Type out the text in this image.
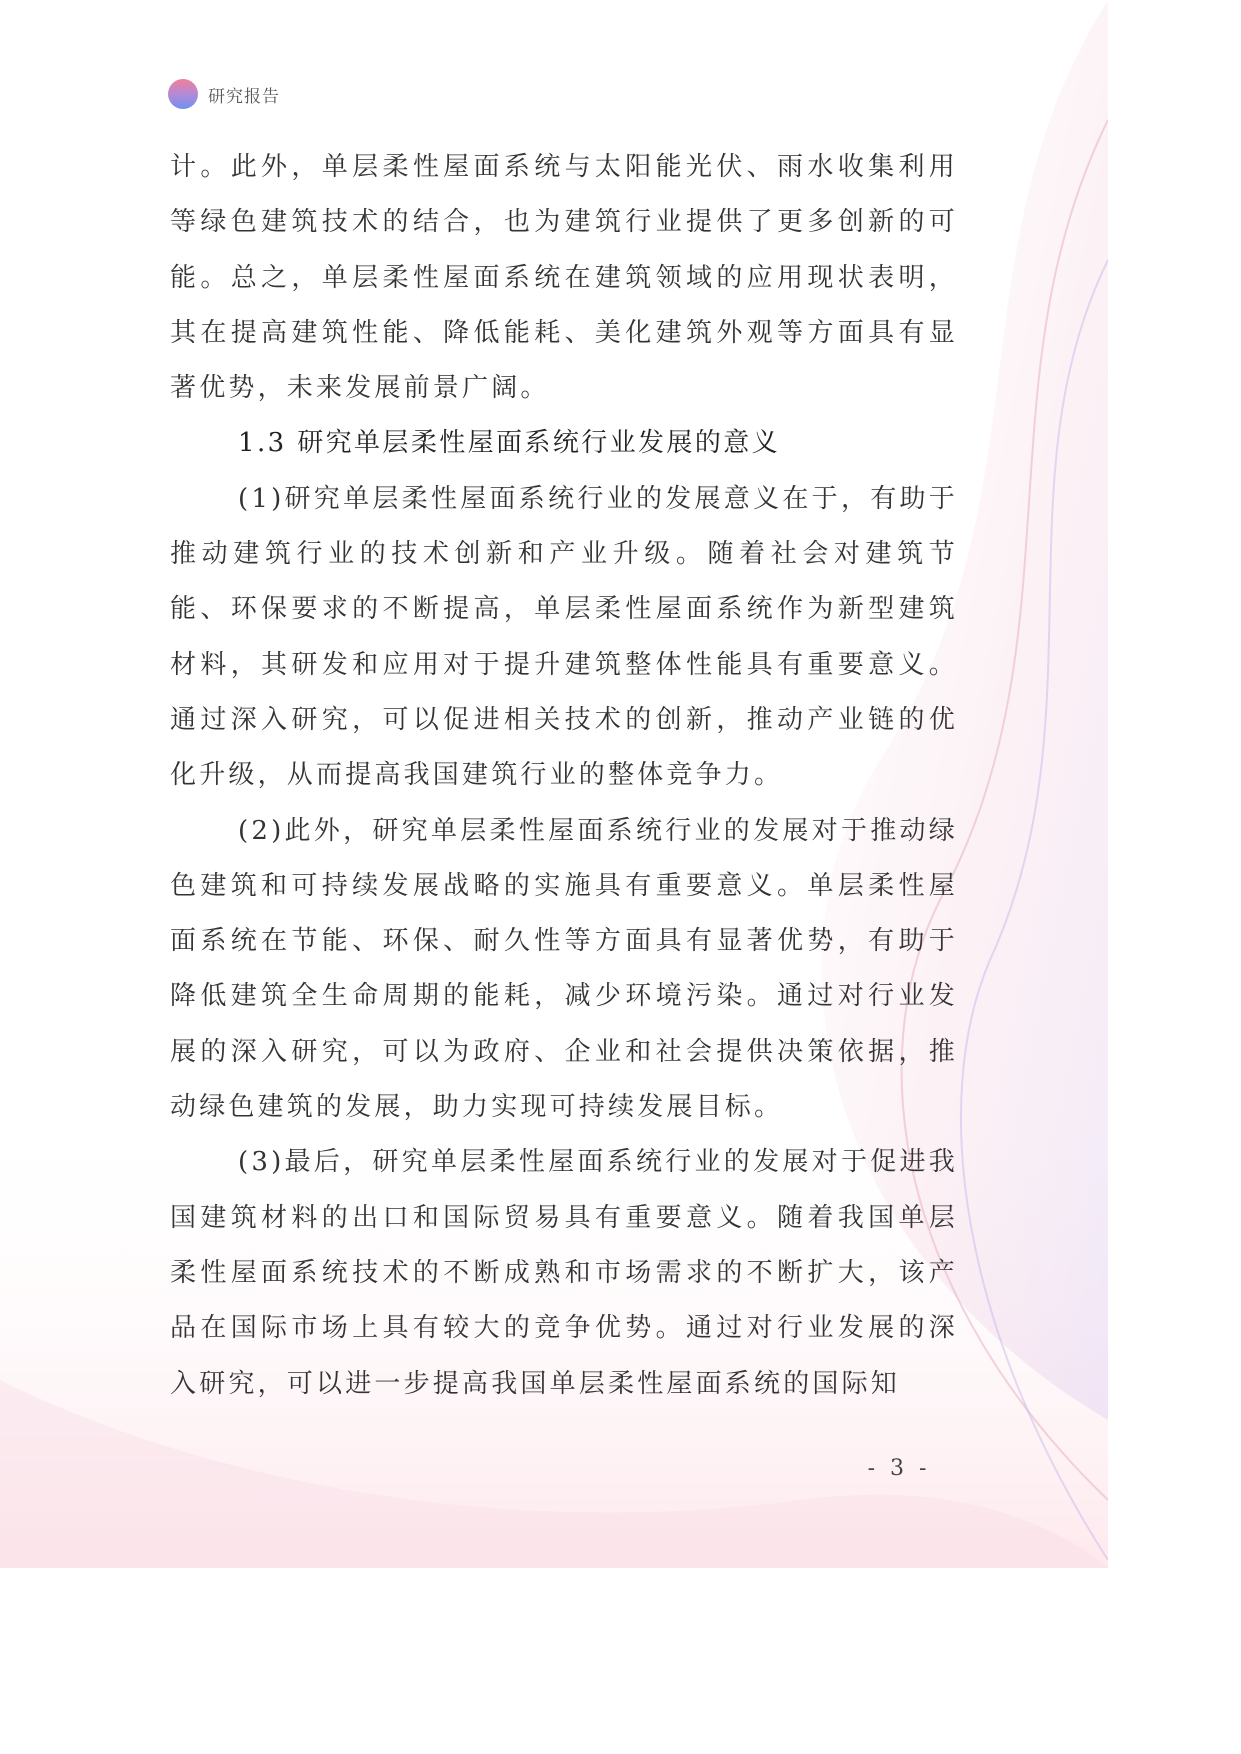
研究报告

计。此外，单层柔性屋面系统与太阳能光伏、雨水收集利用等绿色建筑技术的结合，也为建筑行业提供了更多创新的可能。总之，单层柔性屋面系统在建筑领域的应用现状表明，其在提高建筑性能、降低能耗、美化建筑外观等方面具有显著优势，未来发展前景广阔。

1.3 研究单层柔性屋面系统行业发展的意义

(1)研究单层柔性屋面系统行业的发展意义在于，有助于推动建筑行业的技术创新和产业升级。随着社会对建筑节能、环保要求的不断提高，单层柔性屋面系统作为新型建筑材料，其研发和应用对于提升建筑整体性能具有重要意义。通过深入研究，可以促进相关技术的创新，推动产业链的优化升级，从而提高我国建筑行业的整体竞争力。

(2)此外，研究单层柔性屋面系统行业的发展对于推动绿色建筑和可持续发展战略的实施具有重要意义。单层柔性屋面系统在节能、环保、耐久性等方面具有显著优势，有助于降低建筑全生命周期的能耗，减少环境污染。通过对行业发展的深入研究，可以为政府、企业和社会提供决策依据，推动绿色建筑的发展，助力实现可持续发展目标。

(3)最后，研究单层柔性屋面系统行业的发展对于促进我国建筑材料的出口和国际贸易具有重要意义。随着我国单层柔性屋面系统技术的不断成熟和市场需求的不断扩大，该产品在国际市场上具有较大的竞争优势。通过对行业发展的深入研究，可以进一步提高我国单层柔性屋面系统的国际知

- 3 -
